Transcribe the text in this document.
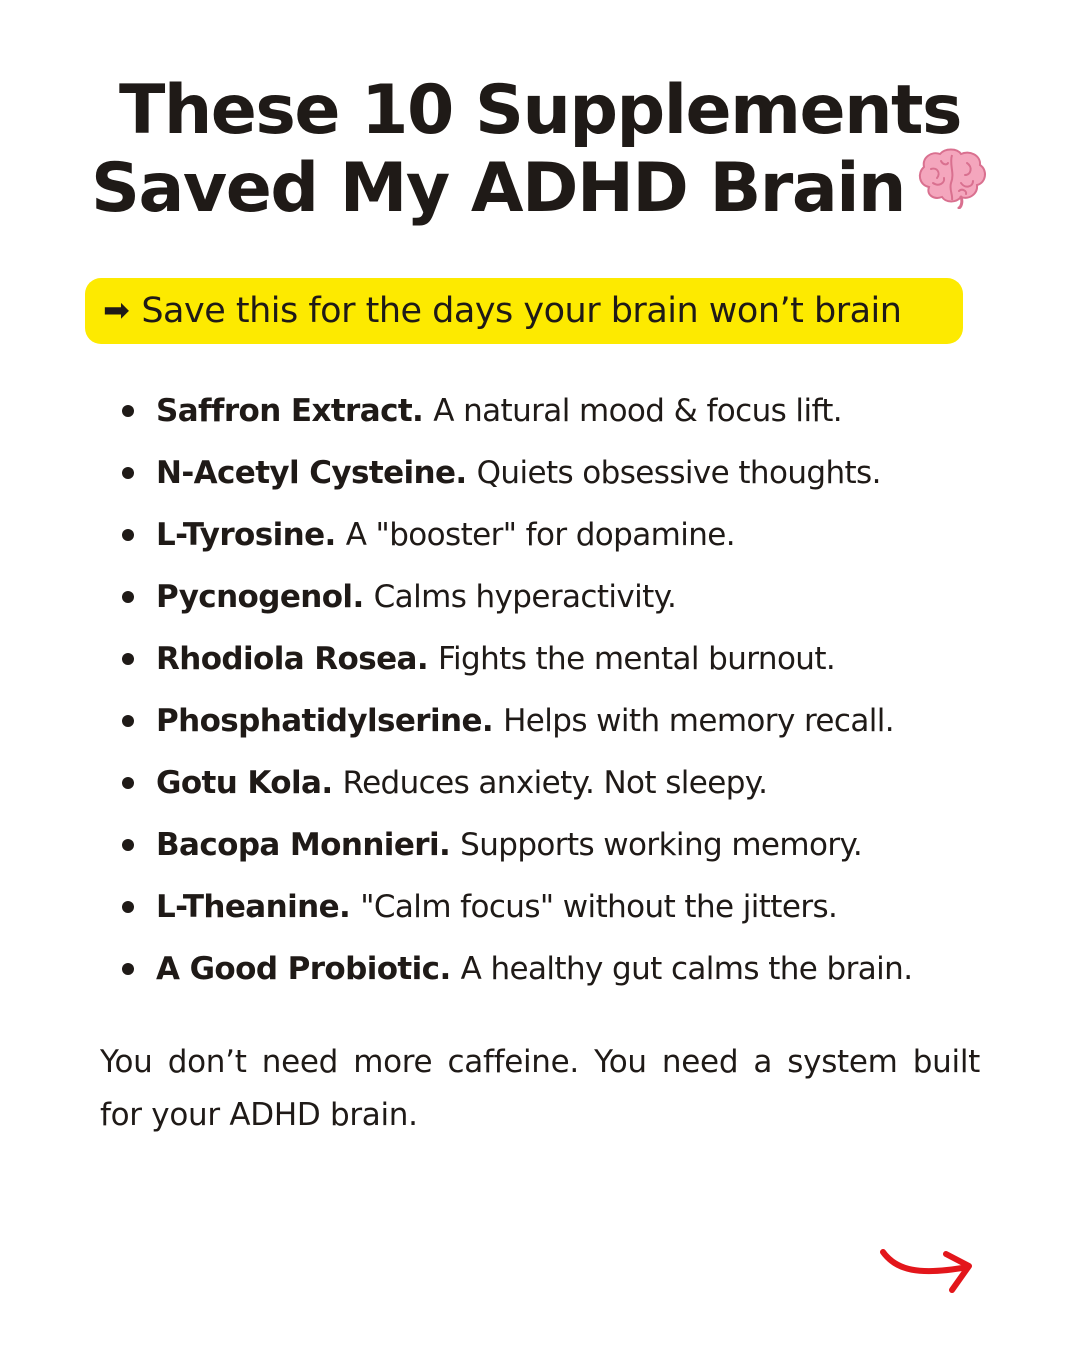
These 10 Supplements
Saved My ADHD Brain
➡ Save this for the days your brain won’t brain
Saffron Extract. A natural mood & focus lift.
N-Acetyl Cysteine. Quiets obsessive thoughts.
L-Tyrosine. A "booster" for dopamine.
Pycnogenol. Calms hyperactivity.
Rhodiola Rosea. Fights the mental burnout.
Phosphatidylserine. Helps with memory recall.
Gotu Kola. Reduces anxiety. Not sleepy.
Bacopa Monnieri. Supports working memory.
L-Theanine. "Calm focus" without the jitters.
A Good Probiotic. A healthy gut calms the brain.

You don’t need more caffeine. You need a system built for your ADHD brain.
